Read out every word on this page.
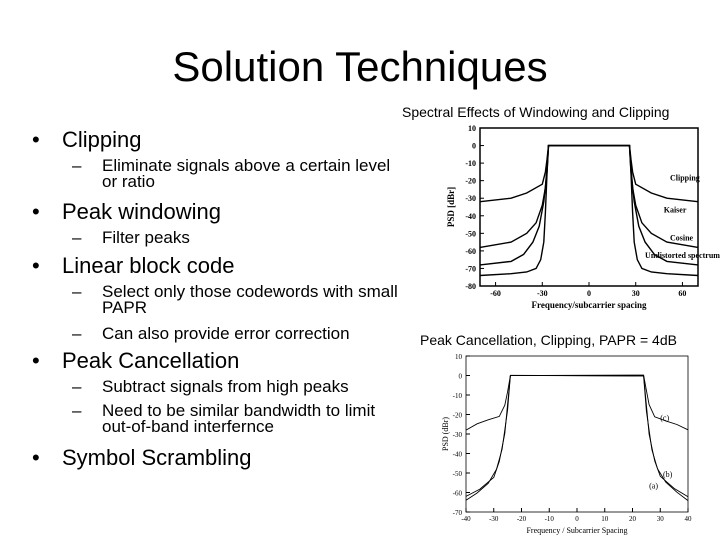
Solution Techniques
• Clipping
–	Eliminate signals above a certain level or ratio
• Peak windowing
–	Filter peaks
• Linear block code
–	Select only those codewords with small PAPR
–	Can also provide error correction
• Peak Cancellation
–	Subtract signals from high peaks
–	Need to be similar bandwidth to limit out-of-band interfernce
• Symbol Scrambling
Spectral Effects of Windowing and Clipping
Peak Cancellation, Clipping, PAPR = 4dB
10
0
-10
-20
-30
-40
-50
-60
-70
-80
-60	-30	0	30	60
Frequency/subcarrier spacing
PSD [dBr]
Clipping
Kaiser
Cosine
Undistorted spectrum
10
0
-10
-20
-30
-40
-50
-60
-70
-40	-30	-20	-10	0	10	20	30	40
Frequency / Subcarrier Spacing
PSD (dBr)
(a)
(b)
(c)
